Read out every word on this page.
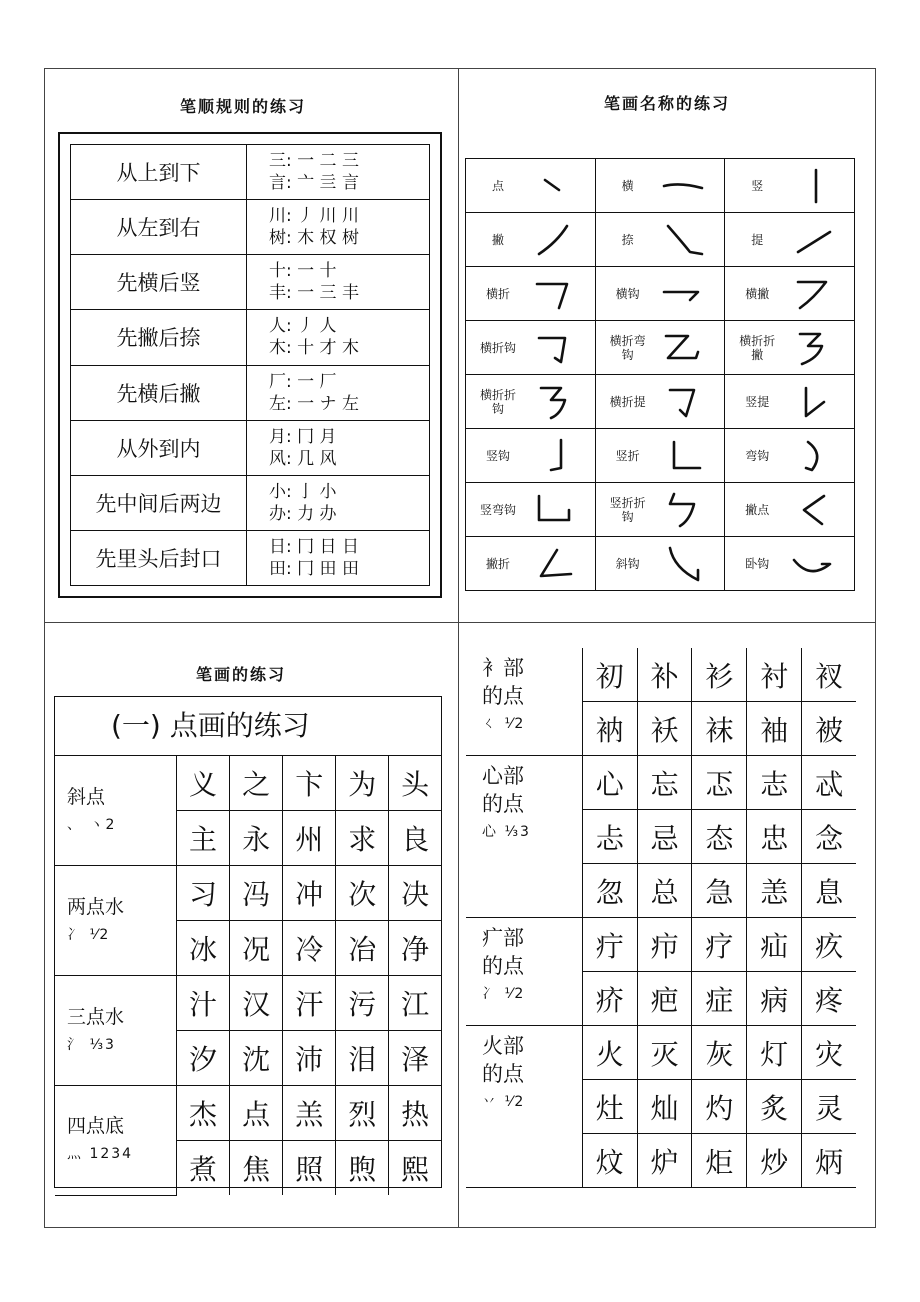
笔顺规则的练习
从上到下	三: 一 二 三
言: 亠 亖 言

从左到右	川: 丿 川 川
树: 木 权 树

先横后竖	十: 一 十
丰: 一 三 丰

先撇后捺	人: 丿 人
木: 十 才 木

先横后撇	厂: 一 厂
左: 一 ナ 左

从外到内	月: 冂 月
风: 几 风

先中间后两边	小: 亅 小
办: 力 办

先里头后封口	日: 冂 日 日
田: 冂 田 田
笔画名称的练习
点	横	竖

撇	捺	提

横折	横钩	横撇

横折钩	横折弯钩	横折折撇

横折折钩	横折提	竖提

竖钩	竖折	弯钩

竖弯钩	竖折折钩	撇点

撇折	斜钩	卧钩
笔画的练习
(一) 点画的练习
斜点
、 ヽ2	义	之	卞	为	头
	主	永	州	求	良

两点水
冫 ⅟2	习	冯	冲	次	决
	冰	况	冷	冶	净

三点水
氵 ⅓3	汁	汉	汗	污	江
	汐	沈	沛	泪	泽

四点底
灬 1234	杰	点	羔	烈	热
	煮	焦	照	煦	熙
衤部
的点
ㄑ ⅟2	初	补	衫	衬	衩
	衲	袄	袜	袖	被

心部
的点
心 ⅓3	心	忘	忑	志	忒
	忐	忌	态	忠	念
	忽	总	急	恙	息

疒部
的点
冫 ⅟2	疔	疖	疗	疝	疚
	疥	疤	症	病	疼

火部
的点
丷 ⅟2	火	灭	灰	灯	灾
	灶	灿	灼	炙	灵
	炆	炉	炬	炒	炳
